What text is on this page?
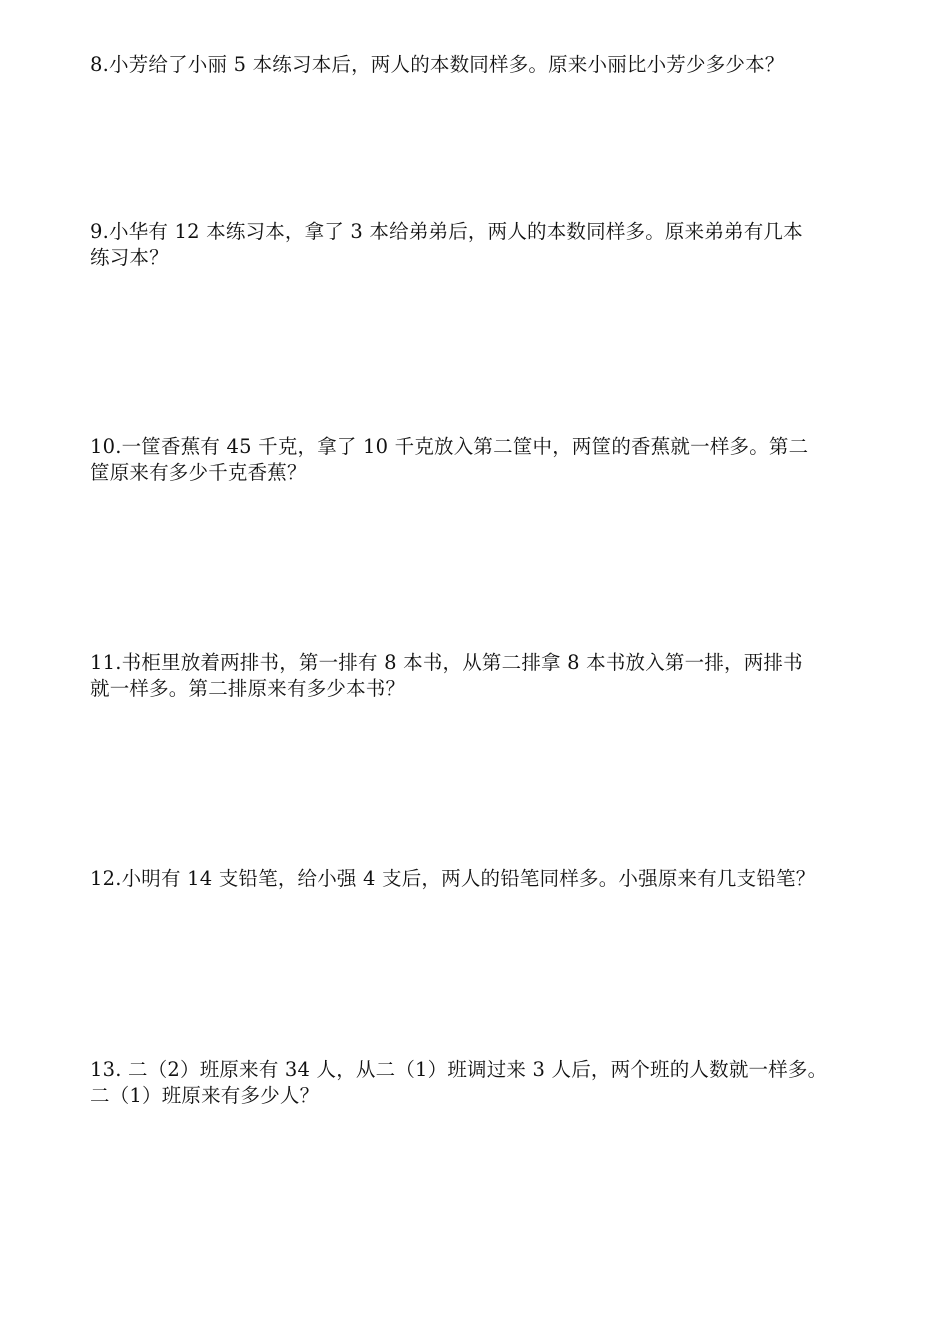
8.小芳给了小丽 5 本练习本后，两人的本数同样多。原来小丽比小芳少多少本？

9.小华有 12 本练习本，拿了 3 本给弟弟后，两人的本数同样多。原来弟弟有几本
练习本？

10.一筐香蕉有 45 千克，拿了 10 千克放入第二筐中，两筐的香蕉就一样多。第二
筐原来有多少千克香蕉？

11.书柜里放着两排书，第一排有 8 本书，从第二排拿 8 本书放入第一排，两排书
就一样多。第二排原来有多少本书？

12.小明有 14 支铅笔，给小强 4 支后，两人的铅笔同样多。小强原来有几支铅笔？

13. 二（2）班原来有 34 人，从二（1）班调过来 3 人后，两个班的人数就一样多。
二（1）班原来有多少人？
